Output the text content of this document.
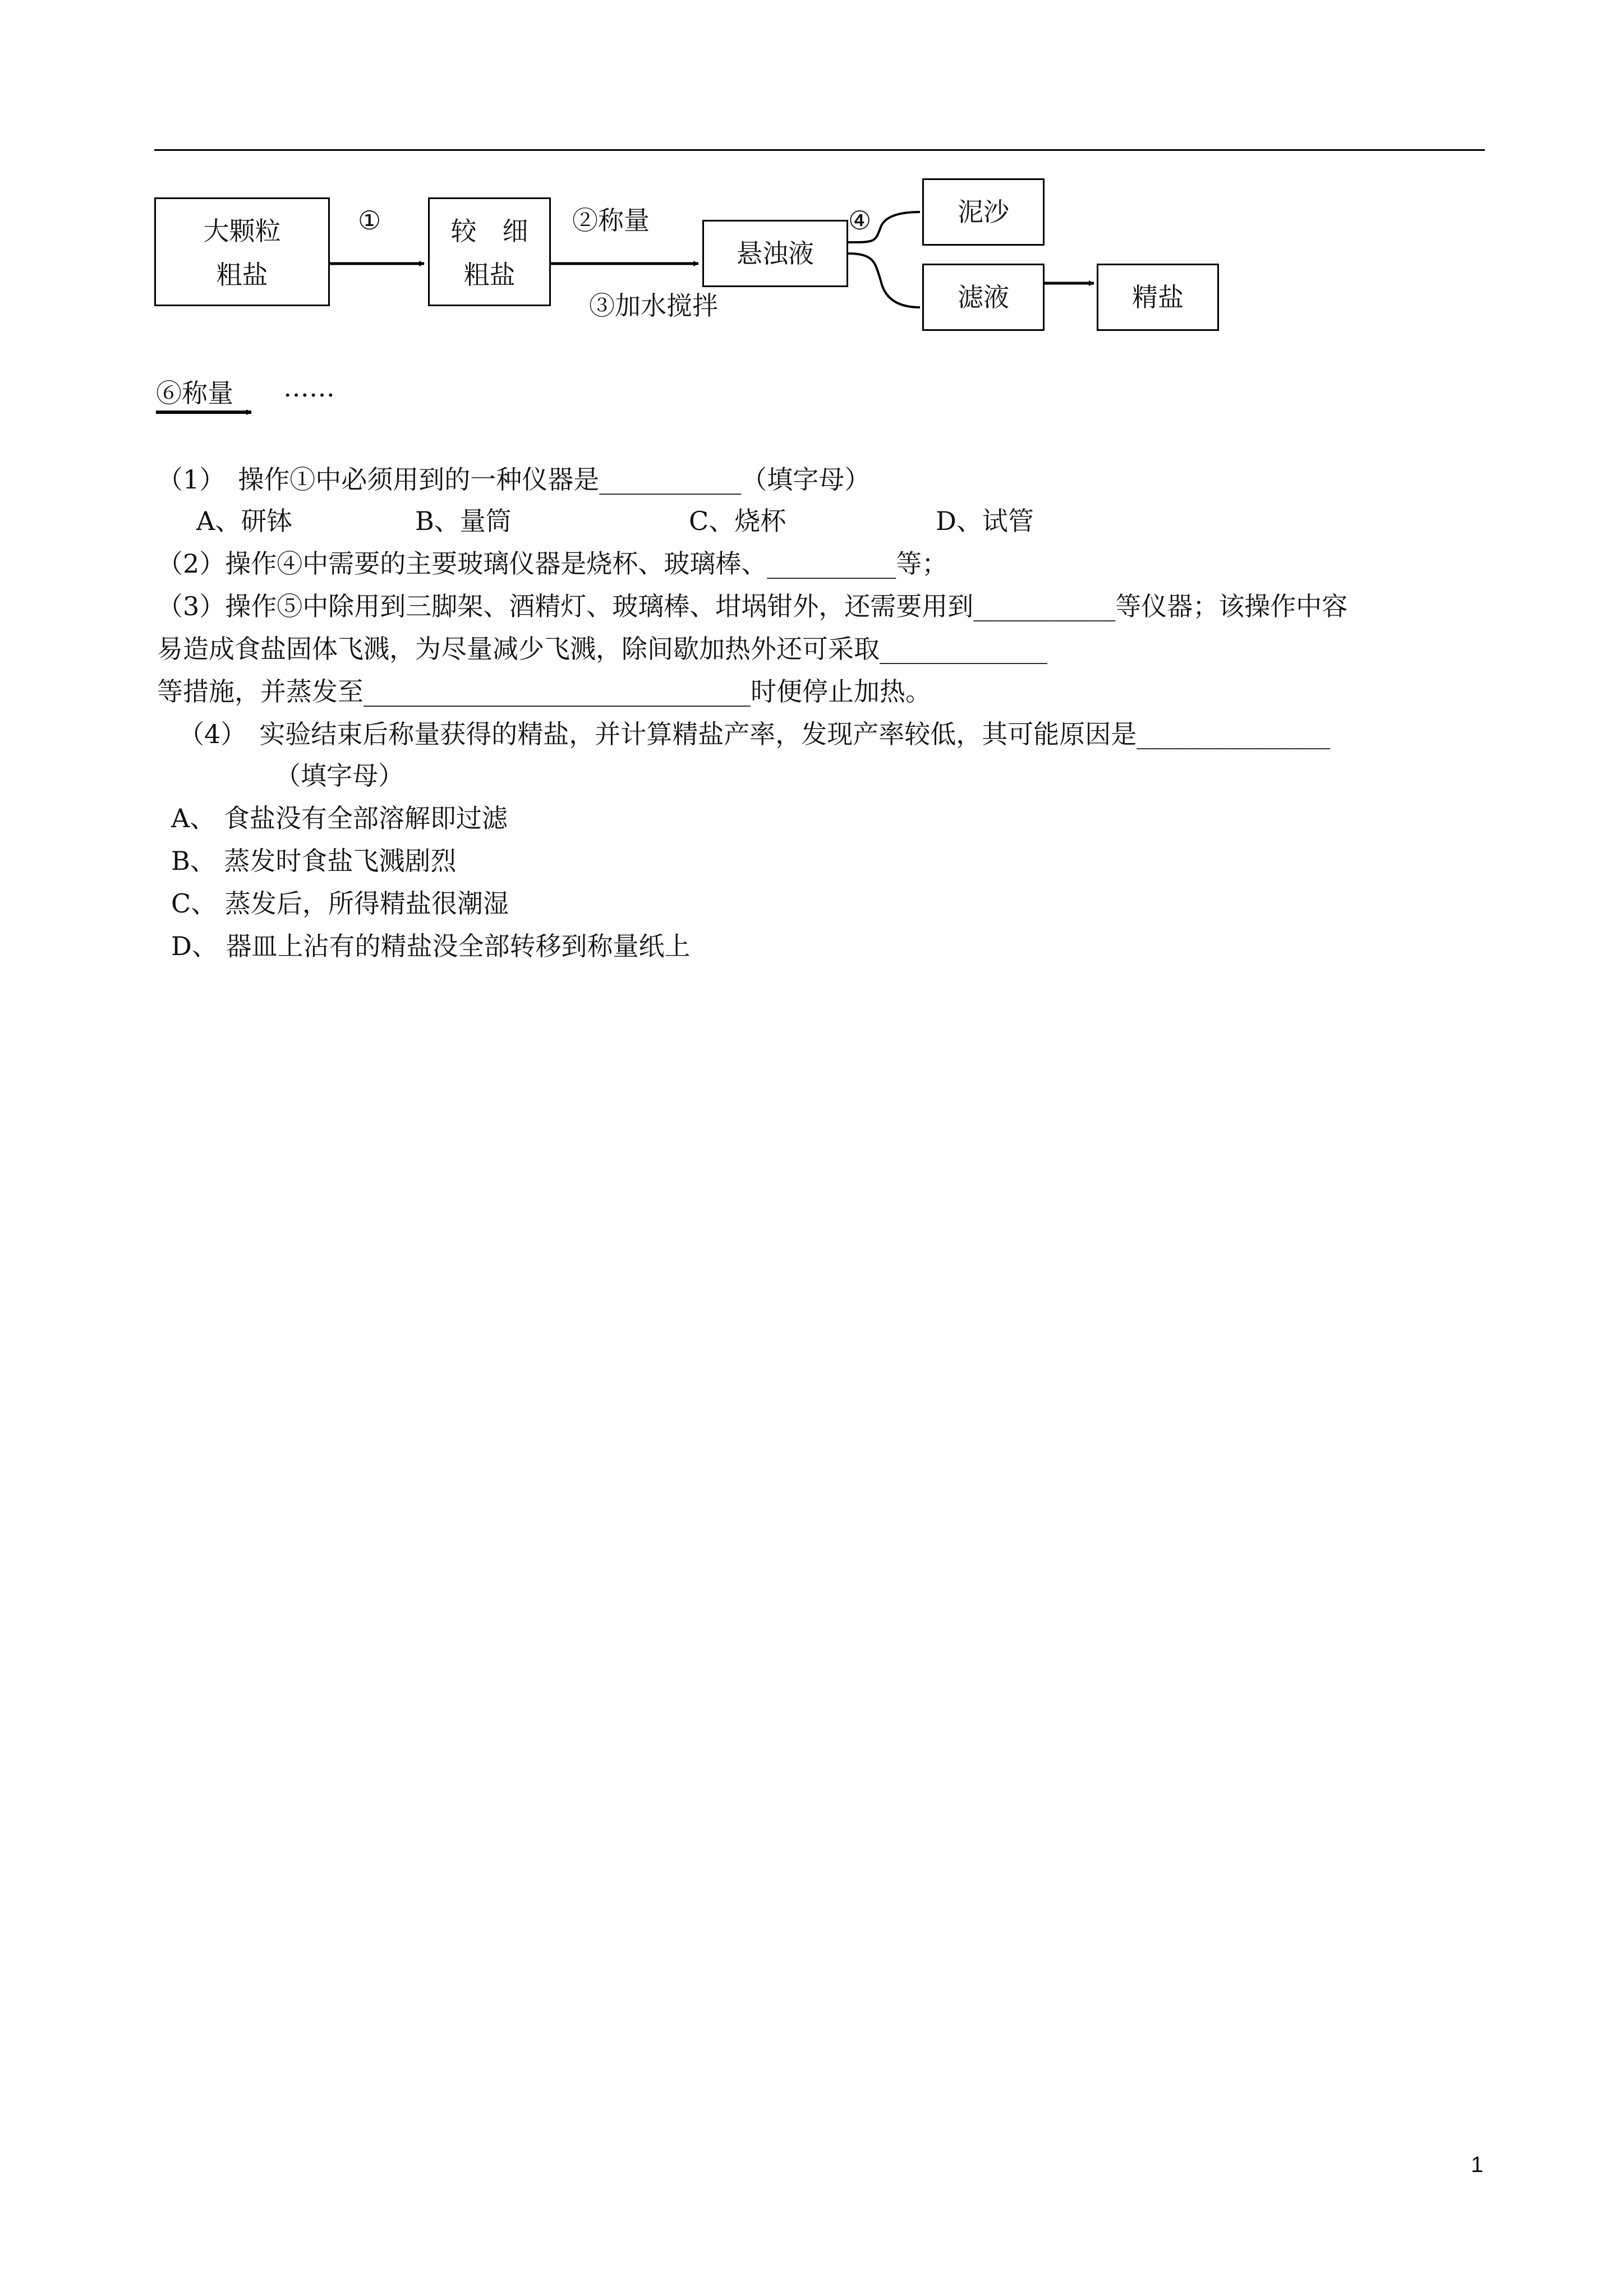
大颗粒
粗盐
较　细
粗盐
悬浊液
泥沙
滤液	精盐
①	②称量
③加水搅拌
④
⑥称量 ……
（1）　操作①中必须用到的一种仪器是___________（填字母）
A、研钵	B、量筒	C、烧杯	D、试管
（2）操作④中需要的主要玻璃仪器是烧杯、玻璃棒、__________等；
（3）操作⑤中除用到三脚架、酒精灯、玻璃棒、坩埚钳外，还需要用到___________等仪器；该操作中容
易造成食盐固体飞溅，为尽量减少飞溅，除间歇加热外还可采取_____________
等措施，并蒸发至______________________________时便停止加热。
（4）　实验结束后称量获得的精盐，并计算精盐产率，发现产率较低，其可能原因是_______________
（填字母）
A、 食盐没有全部溶解即过滤
B、 蒸发时食盐飞溅剧烈
C、 蒸发后，所得精盐很潮湿
D、 器皿上沾有的精盐没全部转移到称量纸上
1
